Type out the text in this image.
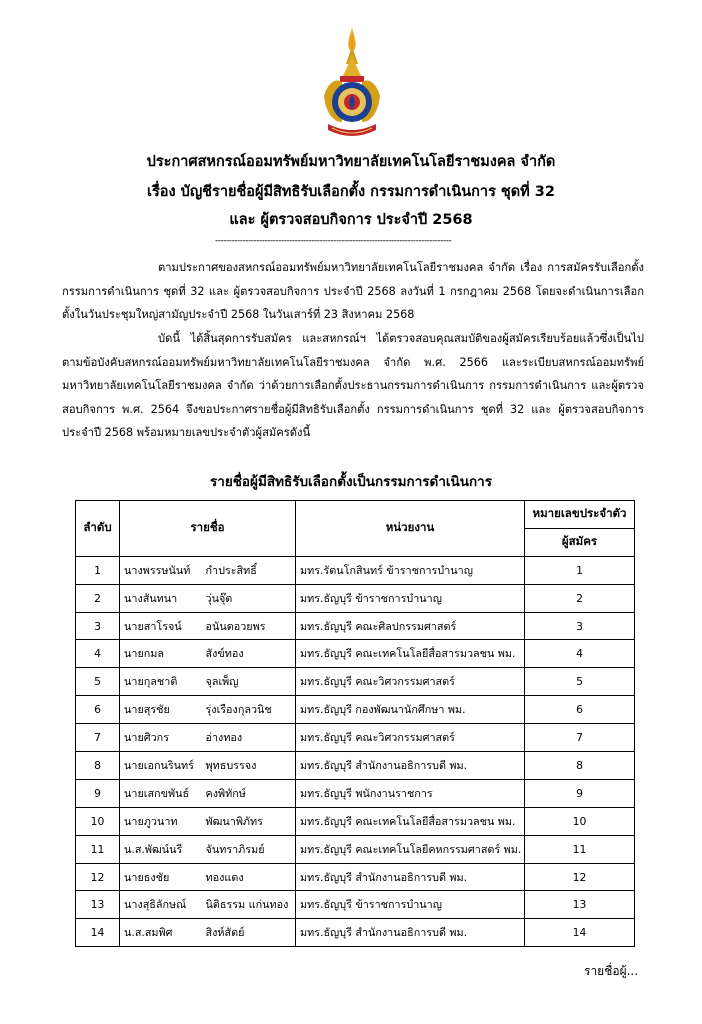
ประกาศสหกรณ์ออมทรัพย์มหาวิทยาลัยเทคโนโลยีราชมงคล จำกัด
เรื่อง บัญชีรายชื่อผู้มีสิทธิรับเลือกตั้ง กรรมการดำเนินการ ชุดที่ 32
และ ผู้ตรวจสอบกิจการ ประจำปี 2568
--------------------------------------------------------------------------------------
ตามประกาศของสหกรณ์ออมทรัพย์มหาวิทยาลัยเทคโนโลยีราชมงคล จำกัด เรื่อง การสมัครรับเลือกตั้ง กรรมการดำเนินการ ชุดที่ 32 และ ผู้ตรวจสอบกิจการ ประจำปี 2568 ลงวันที่ 1 กรกฎาคม 2568 โดยจะดำเนินการเลือกตั้งในวันประชุมใหญ่สามัญประจำปี 2568 ในวันเสาร์ที่ 23 สิงหาคม 2568
บัดนี้ ได้สิ้นสุดการรับสมัคร และสหกรณ์ฯ ได้ตรวจสอบคุณสมบัติของผู้สมัครเรียบร้อยแล้วซึ่งเป็นไปตามข้อบังคับสหกรณ์ออมทรัพย์มหาวิทยาลัยเทคโนโลยีราชมงคล จำกัด พ.ศ. 2566 และระเบียบสหกรณ์ออมทรัพย์มหาวิทยาลัยเทคโนโลยีราชมงคล จำกัด ว่าด้วยการเลือกตั้งประธานกรรมการดำเนินการ กรรมการดำเนินการ และผู้ตรวจสอบกิจการ พ.ศ. 2564 จึงขอประกาศรายชื่อผู้มีสิทธิรับเลือกตั้ง กรรมการดำเนินการ ชุดที่ 32 และ ผู้ตรวจสอบกิจการ ประจำปี 2568 พร้อมหมายเลขประจำตัวผู้สมัครดังนี้
รายชื่อผู้มีสิทธิรับเลือกตั้งเป็นกรรมการดำเนินการ
ลำดับ	รายชื่อ		หน่วยงาน	หมายเลขประจำตัว
				ผู้สมัคร
1	นางพรรษนันท์	กำประสิทธิ์	มทร.รัตนโกสินทร์ ข้าราชการบำนาญ	1
2	นางสันทนา	วุ่นจุ๊ต	มทร.ธัญบุรี ข้าราชการบำนาญ	2
3	นายสาโรจน์	อนันตอวยพร	มทร.ธัญบุรี คณะศิลปกรรมศาสตร์	3
4	นายกมล	สังข์ทอง	มทร.ธัญบุรี คณะเทคโนโลยีสื่อสารมวลชน พม.	4
5	นายกุลชาติ	จุลเพ็ญ	มทร.ธัญบุรี คณะวิศวกรรมศาสตร์	5
6	นายสุรชัย	รุ่งเรืองกุลวนิช	มทร.ธัญบุรี กองพัฒนานักศึกษา พม.	6
7	นายศิวกร	อ่างทอง	มทร.ธัญบุรี คณะวิศวกรรมศาสตร์	7
8	นายเอกนรินทร์	พุทธบรรจง	มทร.ธัญบุรี สำนักงานอธิการบดี พม.	8
9	นายเสกขพันธ์	คงพิทักษ์	มทร.ธัญบุรี พนักงานราชการ	9
10	นายภูวนาท	พัฒนาพิภัทร	มทร.ธัญบุรี คณะเทคโนโลยีสื่อสารมวลชน พม.	10
11	น.ส.พัฒน์นรี	จันทราภิรมย์	มทร.ธัญบุรี คณะเทคโนโลยีคหกรรมศาสตร์ พม.	11
12	นายธงชัย	ทองแดง	มทร.ธัญบุรี สำนักงานอธิการบดี พม.	12
13	นางสุธิลักษณ์	นิติธรรม แก่นทอง	มทร.ธัญบุรี ข้าราชการบำนาญ	13
14	น.ส.สมพิศ	สิงห์สัตย์	มทร.ธัญบุรี สำนักงานอธิการบดี พม.	14
รายชื่อผู้...
